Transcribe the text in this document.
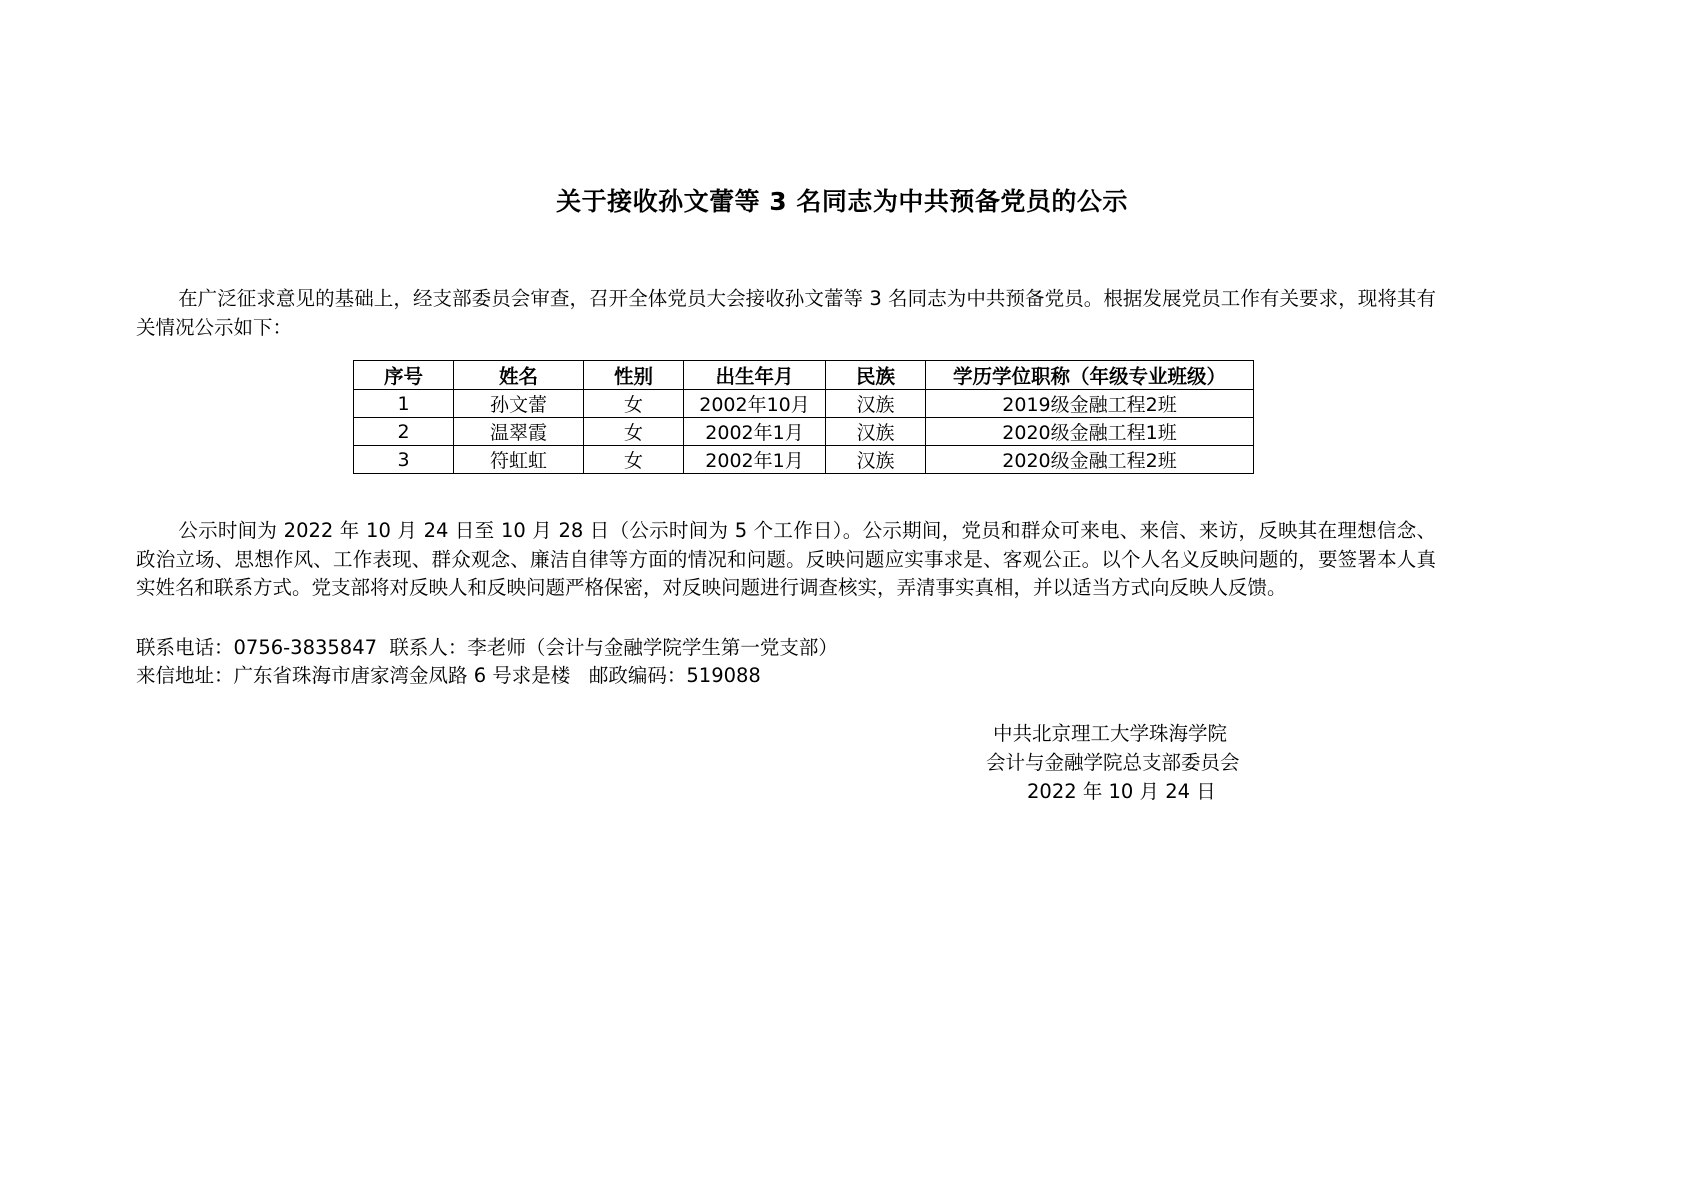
关于接收孙文蕾等 3 名同志为中共预备党员的公示
在广泛征求意见的基础上，经支部委员会审查，召开全体党员大会接收孙文蕾等 3 名同志为中共预备党员。根据发展党员工作有关要求，现将其有关情况公示如下：
序号	姓名	性别	出生年月	民族	学历学位职称（年级专业班级）
1	孙文蕾	女	2002年10月	汉族	2019级金融工程2班
2	温翠霞	女	2002年1月	汉族	2020级金融工程1班
3	符虹虹	女	2002年1月	汉族	2020级金融工程2班
公示时间为 2022 年 10 月 24 日至 10 月 28 日（公示时间为 5 个工作日）。公示期间，党员和群众可来电、来信、来访，反映其在理想信念、政治立场、思想作风、工作表现、群众观念、廉洁自律等方面的情况和问题。反映问题应实事求是、客观公正。以个人名义反映问题的，要签署本人真实姓名和联系方式。党支部将对反映人和反映问题严格保密，对反映问题进行调查核实，弄清事实真相，并以适当方式向反映人反馈。
联系电话：0756-3835847  联系人：李老师（会计与金融学院学生第一党支部）
来信地址：广东省珠海市唐家湾金凤路 6 号求是楼   邮政编码：519088
中共北京理工大学珠海学院
会计与金融学院总支部委员会
2022 年 10 月 24 日
